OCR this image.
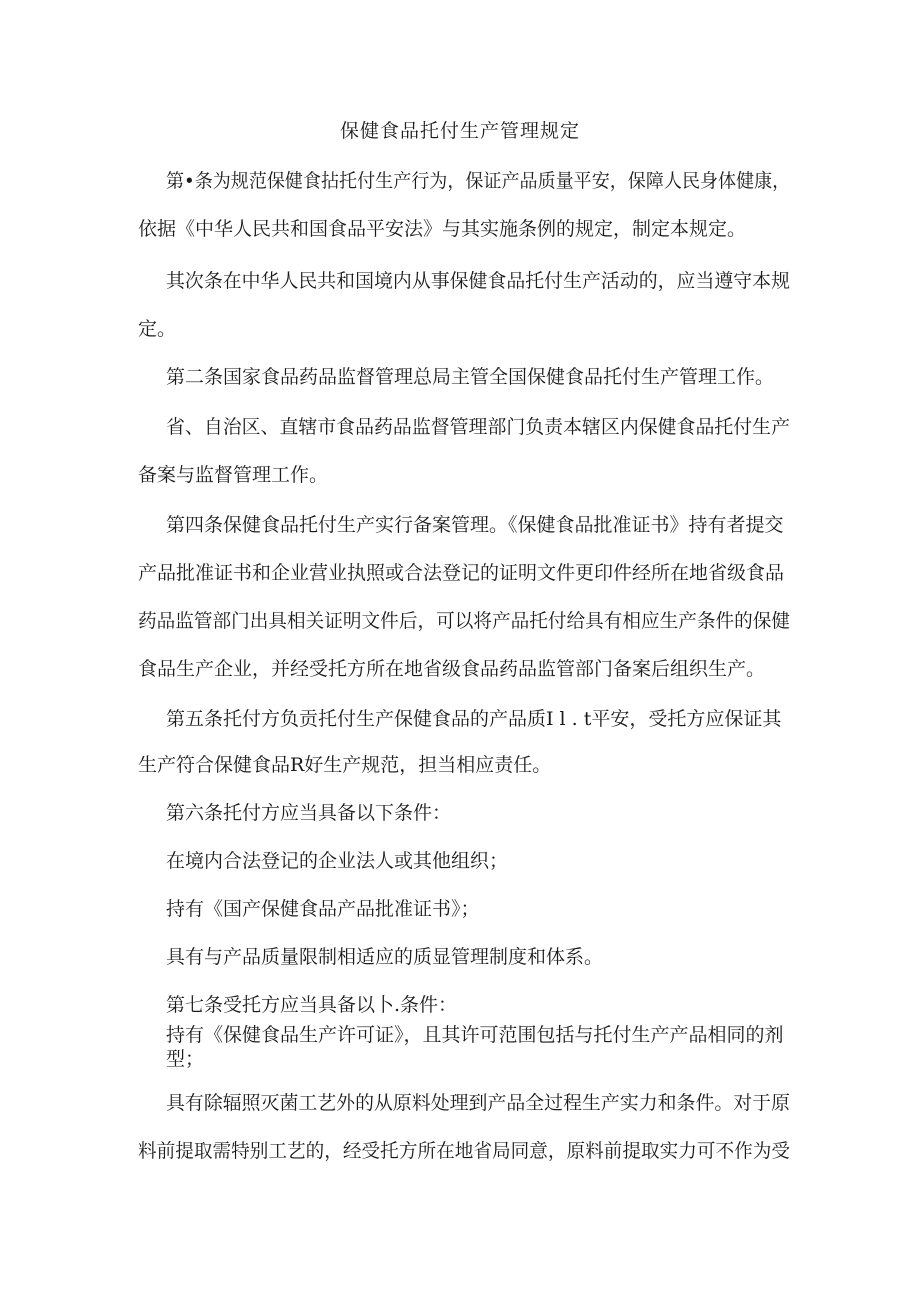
保健食品托付生产管理规定
第•条为规范保健食拈托付生产行为，保证产品质量平安，保障人民身体健康，
依据《中华人民共和国食品平安法》与其实施条例的规定，制定本规定。
其次条在中华人民共和国境内从事保健食品托付生产活动的，应当遵守本规
定。
第二条国家食品药品监督管理总局主管全国保健食品托付生产管理工作。
省、自治区、直辖市食品药品监督管理部门负责本辖区内保健食品托付生产
备案与监督管理工作。
第四条保健食品托付生产实行备案管理。《保健食品批准证书》持有者提交
产品批准证书和企业营业执照或合法登记的证明文件更印件经所在地省级食品
药品监管部门出具相关证明文件后，可以将产品托付给具有相应生产条件的保健
食品生产企业，并经受托方所在地省级食品药品监管部门备案后组织生产。
第五条托付方负贡托付生产保健食品的产品质I l . t平安，受托方应保证其
生产符合保健食品R好生产规范，担当相应责任。
第六条托付方应当具备以下条件：
在境内合法登记的企业法人或其他组织；
持有《国产保健食品产品批准证书》；
具有与产品质量限制相适应的质显管理制度和体系。
第七条受托方应当具备以卜.条件：
持有《保健食品生产许可证》，且其许可范围包括与托付生产产品相同的剂
型；
具有除辐照灭菌工艺外的从原料处理到产品全过程生产实力和条件。对于原
料前提取需特别工艺的，经受托方所在地省局同意，原料前提取实力可不作为受
